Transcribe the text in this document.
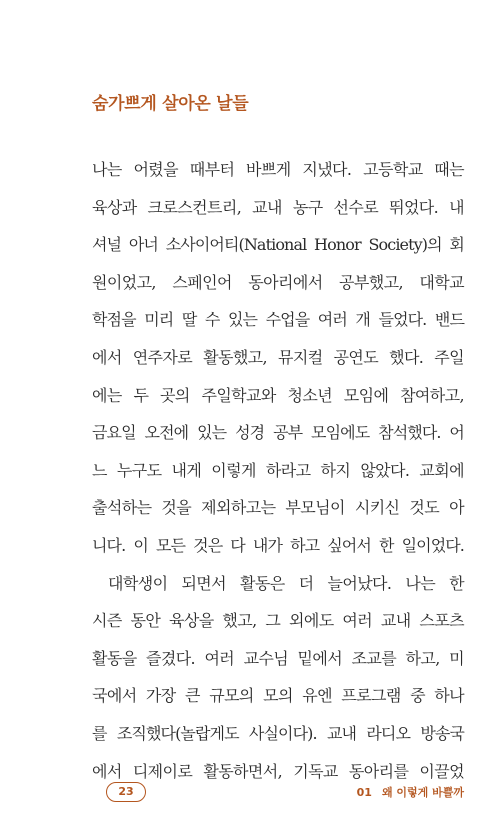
숨가쁘게 살아온 날들
나는 어렸을 때부터 바쁘게 지냈다. 고등학교 때는
육상과 크로스컨트리, 교내 농구 선수로 뛰었다. 내
셔널 아너 소사이어티(National Honor Society)의 회
원이었고, 스페인어 동아리에서 공부했고, 대학교
학점을 미리 딸 수 있는 수업을 여러 개 들었다. 밴드
에서 연주자로 활동했고, 뮤지컬 공연도 했다. 주일
에는 두 곳의 주일학교와 청소년 모임에 참여하고,
금요일 오전에 있는 성경 공부 모임에도 참석했다. 어
느 누구도 내게 이렇게 하라고 하지 않았다. 교회에
출석하는 것을 제외하고는 부모님이 시키신 것도 아
니다. 이 모든 것은 다 내가 하고 싶어서 한 일이었다.
대학생이 되면서 활동은 더 늘어났다. 나는 한
시즌 동안 육상을 했고, 그 외에도 여러 교내 스포츠
활동을 즐겼다. 여러 교수님 밑에서 조교를 하고, 미
국에서 가장 큰 규모의 모의 유엔 프로그램 중 하나
를 조직했다(놀랍게도 사실이다). 교내 라디오 방송국
에서 디제이로 활동하면서, 기독교 동아리를 이끌었
23	01 왜 이렇게 바쁠까
